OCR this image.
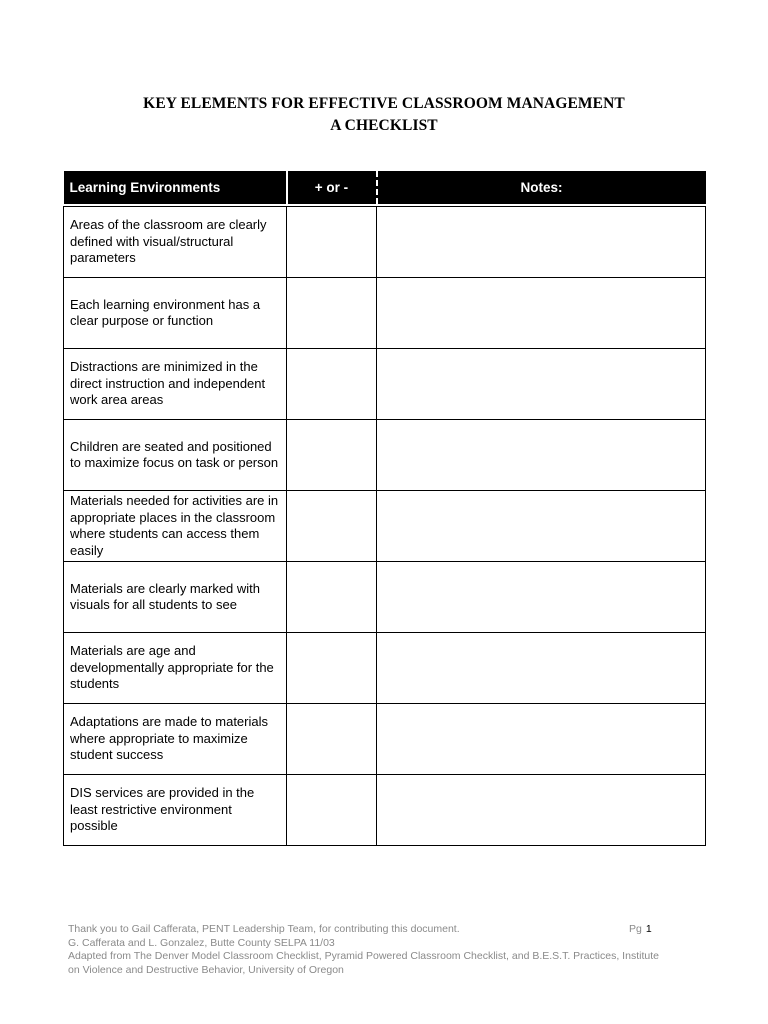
KEY ELEMENTS FOR EFFECTIVE CLASSROOM MANAGEMENT
A CHECKLIST
Learning Environments	+ or -	Notes:

Areas of the classroom are clearly defined with visual/structural parameters		
Each learning environment has a clear purpose or function		
Distractions are minimized in the direct instruction and independent work area areas		
Children are seated and positioned to maximize focus on task or person		
Materials needed for activities are in appropriate places in the classroom where students can access them easily		
Materials are clearly marked with visuals for all students to see		
Materials are age and developmentally appropriate for the students		
Adaptations are made to materials where appropriate to maximize student success		
DIS services are provided in the least restrictive environment possible		
Thank you to Gail Cafferata, PENT Leadership Team, for contributing this document.
G. Cafferata and L. Gonzalez, Butte County SELPA 11/03
Adapted from The Denver Model Classroom Checklist, Pyramid Powered Classroom Checklist, and B.E.S.T. Practices, Institute on Violence and Destructive Behavior, University of Oregon
Pg 1
